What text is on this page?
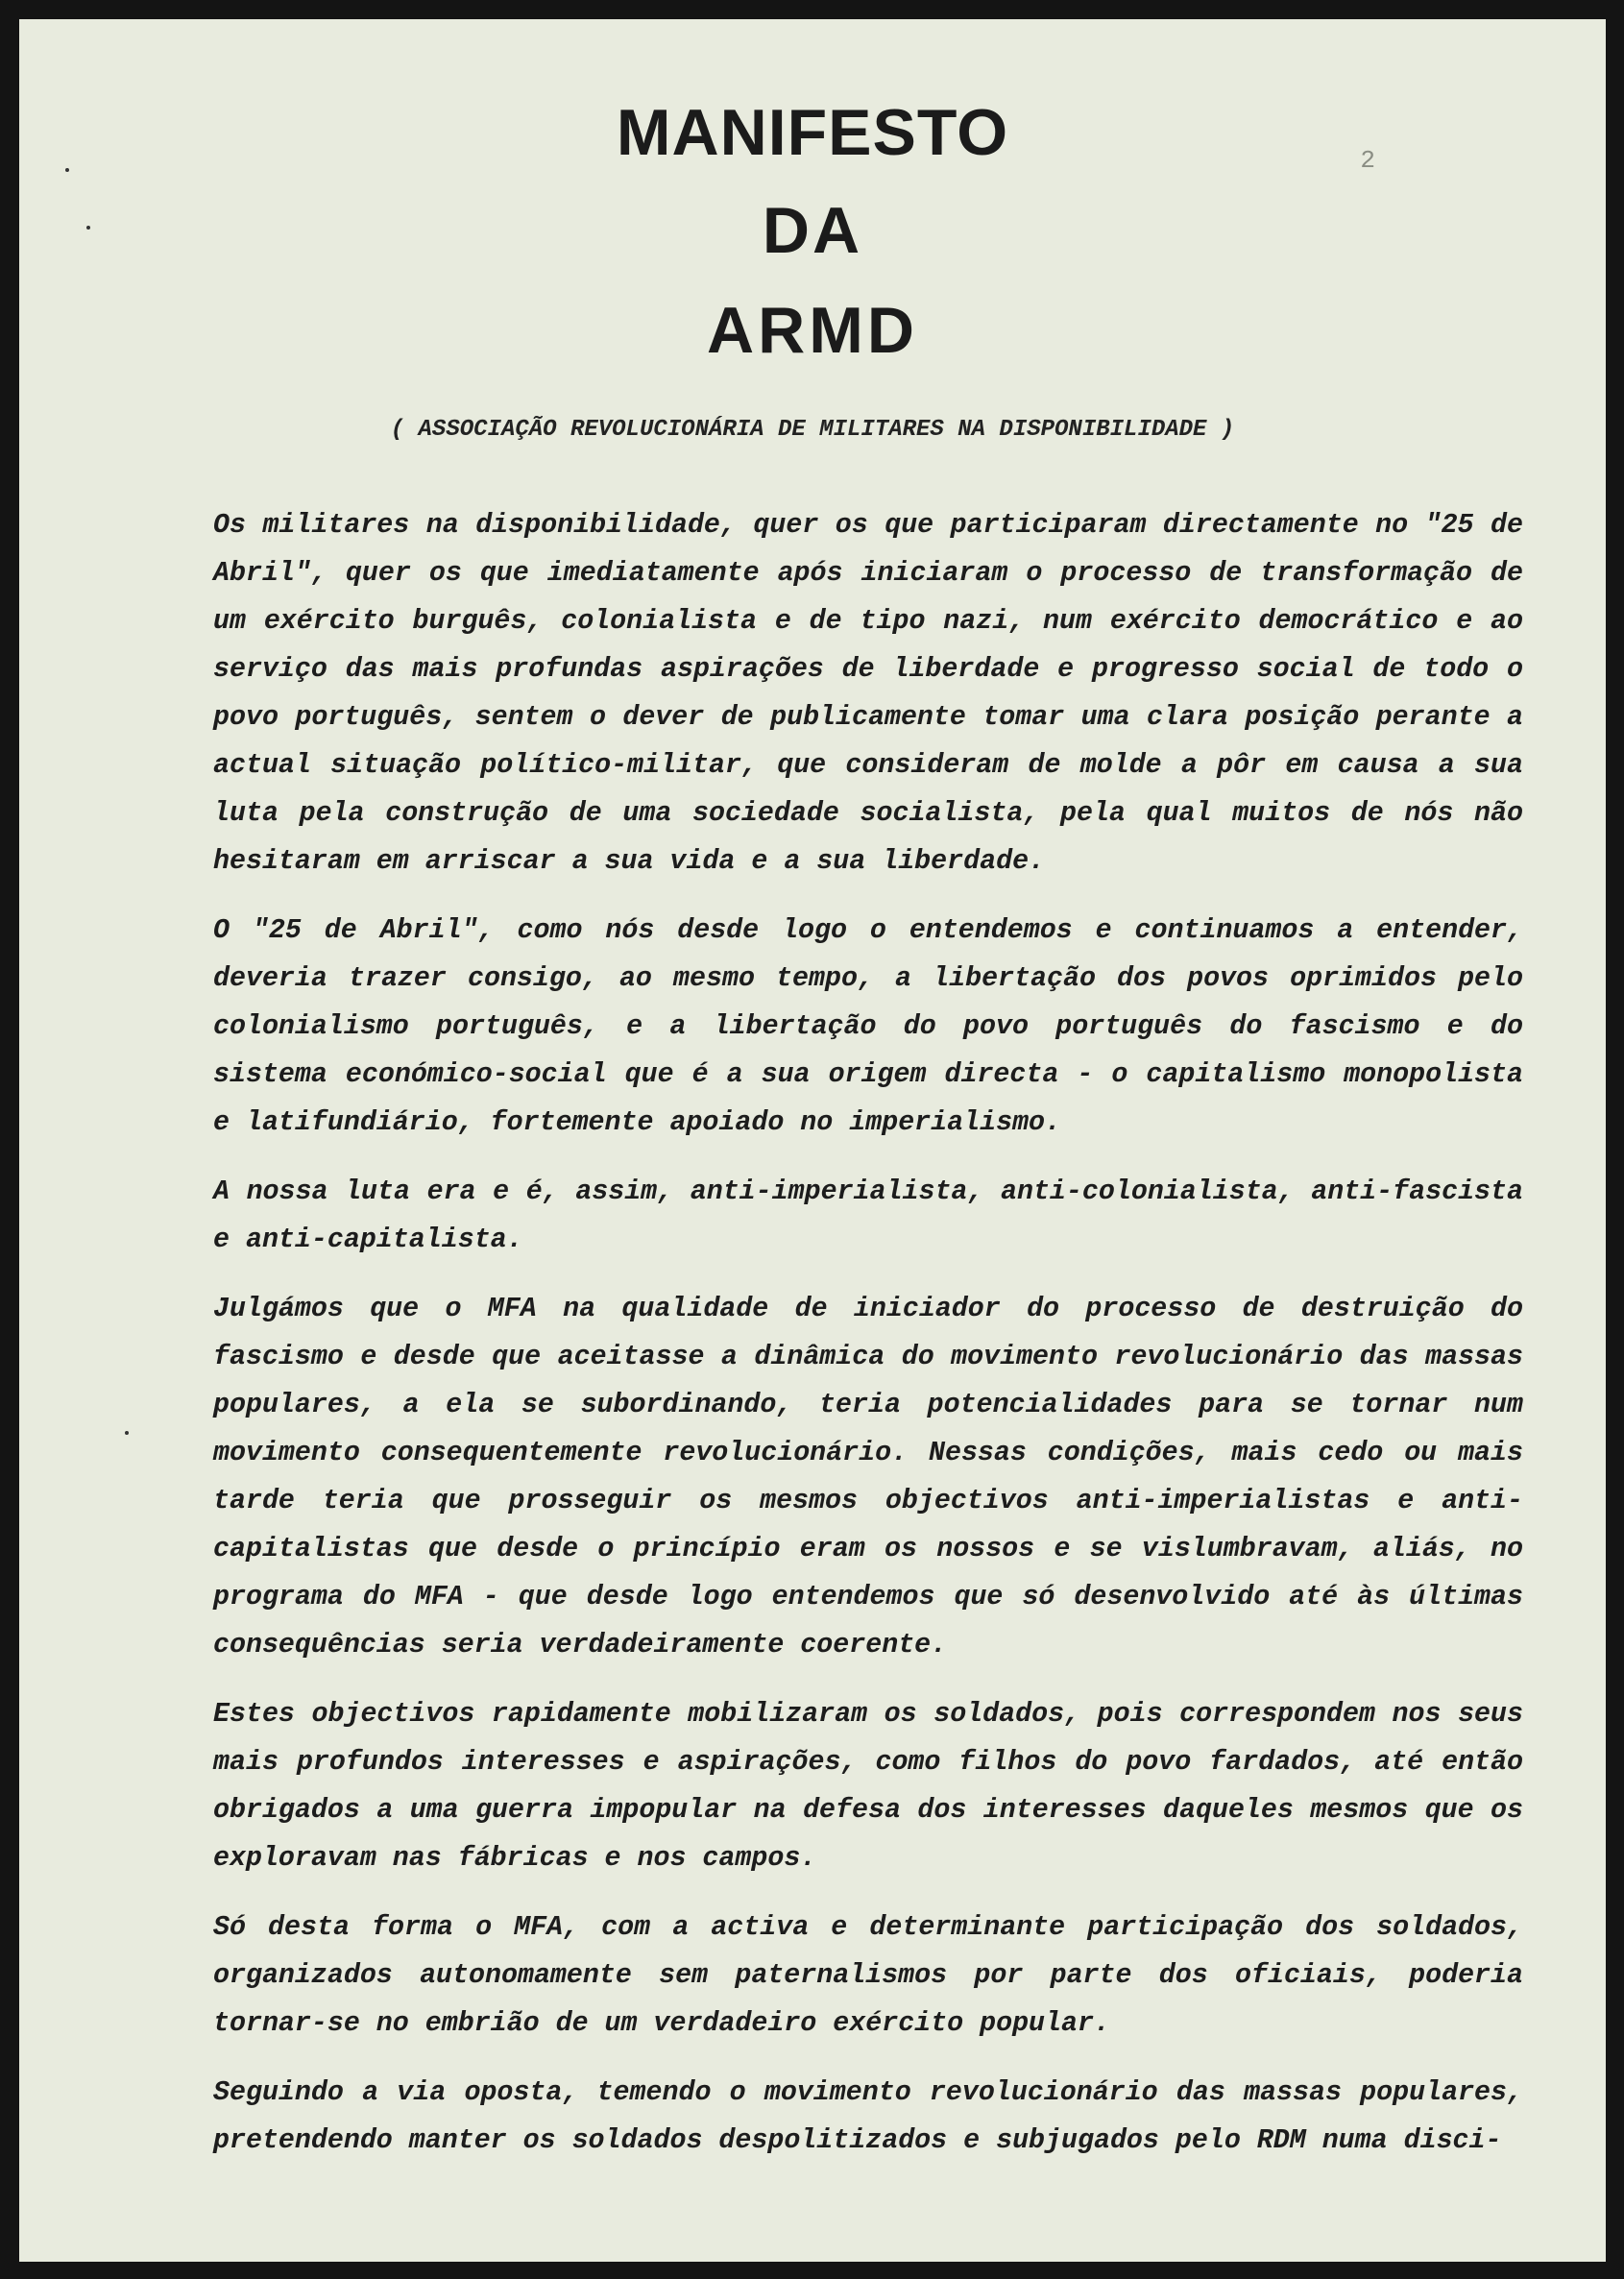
2
MANIFESTO
DA
ARMD
( ASSOCIAÇÃO REVOLUCIONÁRIA DE MILITARES NA DISPONIBILIDADE )

Os militares na disponibilidade, quer os que participaram directamente no "25 de Abril", quer os que imediatamente após iniciaram o processo de transformação de um exército burguês, colonialista e de tipo nazi, num exército democrático e ao serviço das mais profundas aspirações de liberdade e progresso social de todo o povo português, sentem o dever de publicamente tomar uma clara posição perante a actual situação político-militar, que consideram de molde a pôr em causa a sua luta pela construção de uma sociedade socialista, pela qual muitos de nós não hesitaram em arriscar a sua vida e a sua liberdade.

O "25 de Abril", como nós desde logo o entendemos e continuamos a entender, deveria trazer consigo, ao mesmo tempo, a libertação dos povos oprimidos pelo colonialismo português, e a libertação do povo português do fascismo e do sistema económico-social que é a sua origem directa - o capitalismo monopolista e latifundiário, fortemente apoiado no imperialismo.

A nossa luta era e é, assim, anti-imperialista, anti-colonialista, anti-fascista e anti-capitalista.

Julgámos que o MFA na qualidade de iniciador do processo de destruição do fascismo e desde que aceitasse a dinâmica do movimento revolucionário das massas populares, a ela se subordinando, teria potencialidades para se tornar num movimento consequentemente revolucionário. Nessas condições, mais cedo ou mais tarde teria que prosseguir os mesmos objectivos anti-imperialistas e anti-capitalistas que desde o princípio eram os nossos e se vislumbravam, aliás, no programa do MFA - que desde logo entendemos que só desenvolvido até às últimas consequências seria verdadeiramente coerente.

Estes objectivos rapidamente mobilizaram os soldados, pois correspondem nos seus mais profundos interesses e aspirações, como filhos do povo fardados, até então obrigados a uma guerra impopular na defesa dos interesses daqueles mesmos que os exploravam nas fábricas e nos campos.

Só desta forma o MFA, com a activa e determinante participação dos soldados, organizados autonomamente sem paternalismos por parte dos oficiais, poderia tornar-se no embrião de um verdadeiro exército popular.

Seguindo a via oposta, temendo o movimento revolucionário das massas populares, pretendendo manter os soldados despolitizados e subjugados pelo RDM numa disci-
